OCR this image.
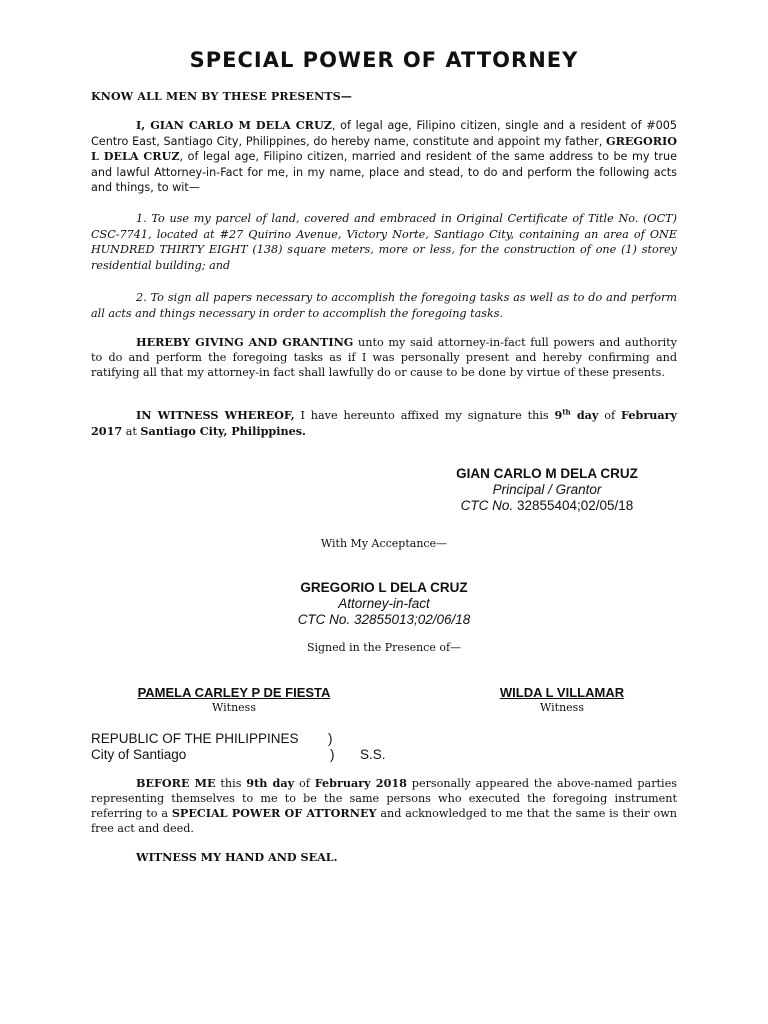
SPECIAL POWER OF ATTORNEY
KNOW ALL MEN BY THESE PRESENTS—
I, GIAN CARLO M DELA CRUZ, of legal age, Filipino citizen, single and a resident of #005 Centro East, Santiago City, Philippines, do hereby name, constitute and appoint my father, GREGORIO L DELA CRUZ, of legal age, Filipino citizen, married and resident of the same address to be my true and lawful Attorney-in-Fact for me, in my name, place and stead, to do and perform the following acts and things, to wit—
1. To use my parcel of land, covered and embraced in Original Certificate of Title No. (OCT) CSC-7741, located at #27 Quirino Avenue, Victory Norte, Santiago City, containing an area of ONE HUNDRED THIRTY EIGHT (138) square meters, more or less, for the construction of one (1) storey residential building; and
2. To sign all papers necessary to accomplish the foregoing tasks as well as to do and perform all acts and things necessary in order to accomplish the foregoing tasks.
HEREBY GIVING AND GRANTING unto my said attorney-in-fact full powers and authority to do and perform the foregoing tasks as if I was personally present and hereby confirming and ratifying all that my attorney-in fact shall lawfully do or cause to be done by virtue of these presents.
IN WITNESS WHEREOF, I have hereunto affixed my signature this 9th day of February 2017 at Santiago City, Philippines.
GIAN CARLO M DELA CRUZ
Principal / Grantor
CTC No. 32855404;02/05/18
With My Acceptance—
GREGORIO L DELA CRUZ
Attorney-in-fact
CTC No. 32855013;02/06/18
Signed in the Presence of—
PAMELA CARLEY P DE FIESTA
Witness
WILDA L VILLAMAR
Witness
REPUBLIC OF THE PHILIPPINES )
City of Santiago	) S.S.
BEFORE ME this 9th day of February 2018 personally appeared the above-named parties representing themselves to me to be the same persons who executed the foregoing instrument referring to a SPECIAL POWER OF ATTORNEY and acknowledged to me that the same is their own free act and deed.
WITNESS MY HAND AND SEAL.
